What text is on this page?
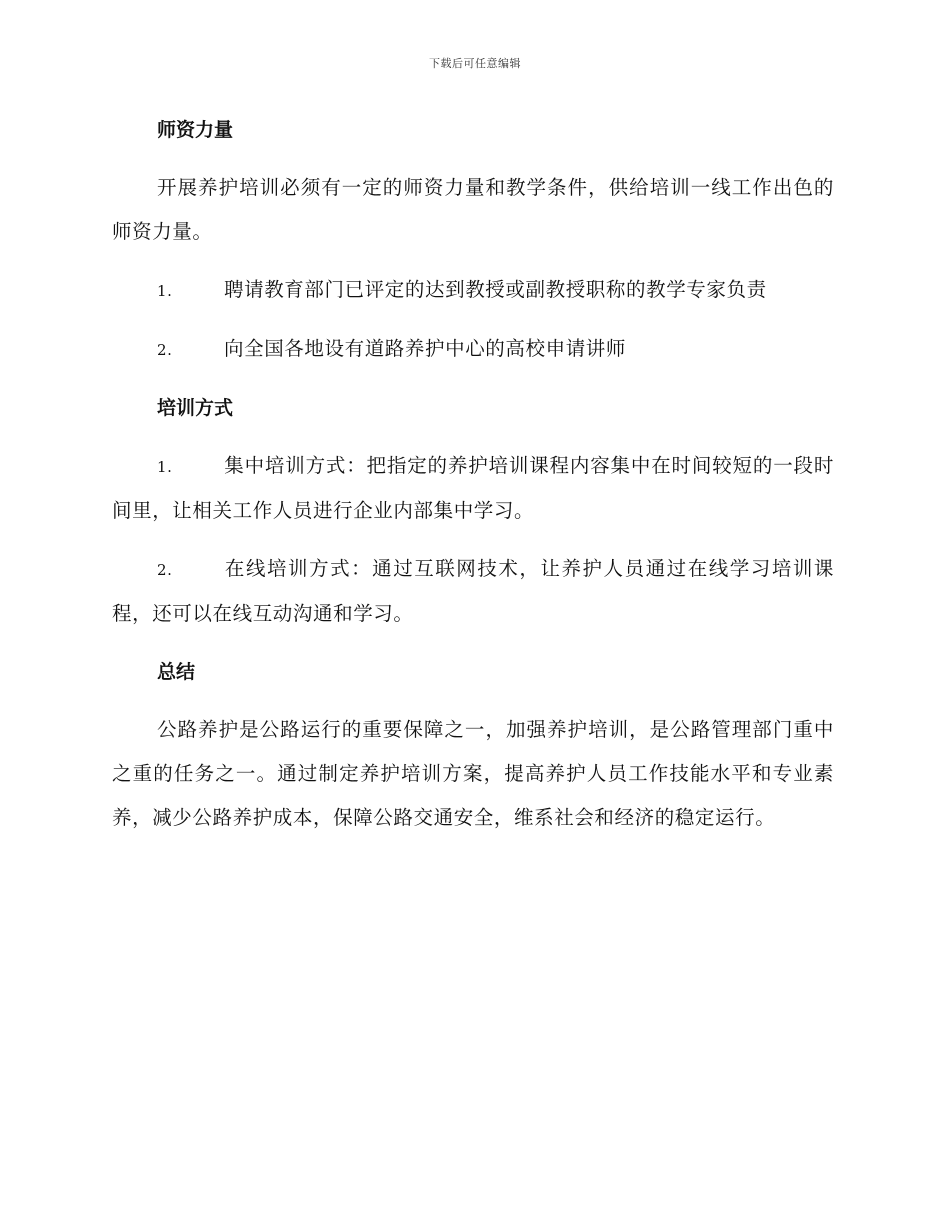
下载后可任意编辑

师资力量

开展养护培训必须有一定的师资力量和教学条件，供给培训一线工作出色的师资力量。

1.	聘请教育部门已评定的达到教授或副教授职称的教学专家负责

2.	向全国各地设有道路养护中心的高校申请讲师

培训方式

1.	集中培训方式：把指定的养护培训课程内容集中在时间较短的一段时间里，让相关工作人员进行企业内部集中学习。

2.	在线培训方式：通过互联网技术，让养护人员通过在线学习培训课程，还可以在线互动沟通和学习。

总结

公路养护是公路运行的重要保障之一，加强养护培训，是公路管理部门重中之重的任务之一。通过制定养护培训方案，提高养护人员工作技能水平和专业素养，减少公路养护成本，保障公路交通安全，维系社会和经济的稳定运行。
